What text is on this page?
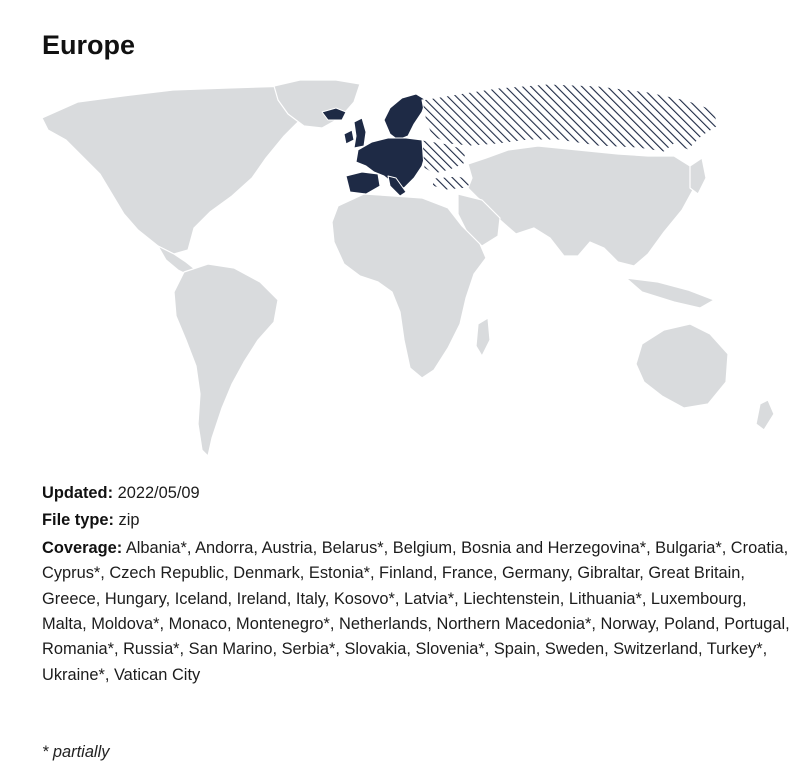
Europe
Updated: 2022/05/09
File type: zip
Coverage: Albania*, Andorra, Austria, Belarus*, Belgium, Bosnia and Herzegovina*, Bulgaria*, Croatia, Cyprus*, Czech Republic, Denmark, Estonia*, Finland, France, Germany, Gibraltar, Great Britain, Greece, Hungary, Iceland, Ireland, Italy, Kosovo*, Latvia*, Liechtenstein, Lithuania*, Luxembourg, Malta, Moldova*, Monaco, Montenegro*, Netherlands, Northern Macedonia*, Norway, Poland, Portugal, Romania*, Russia*, San Marino, Serbia*, Slovakia, Slovenia*, Spain, Sweden, Switzerland, Turkey*, Ukraine*, Vatican City
* partially
